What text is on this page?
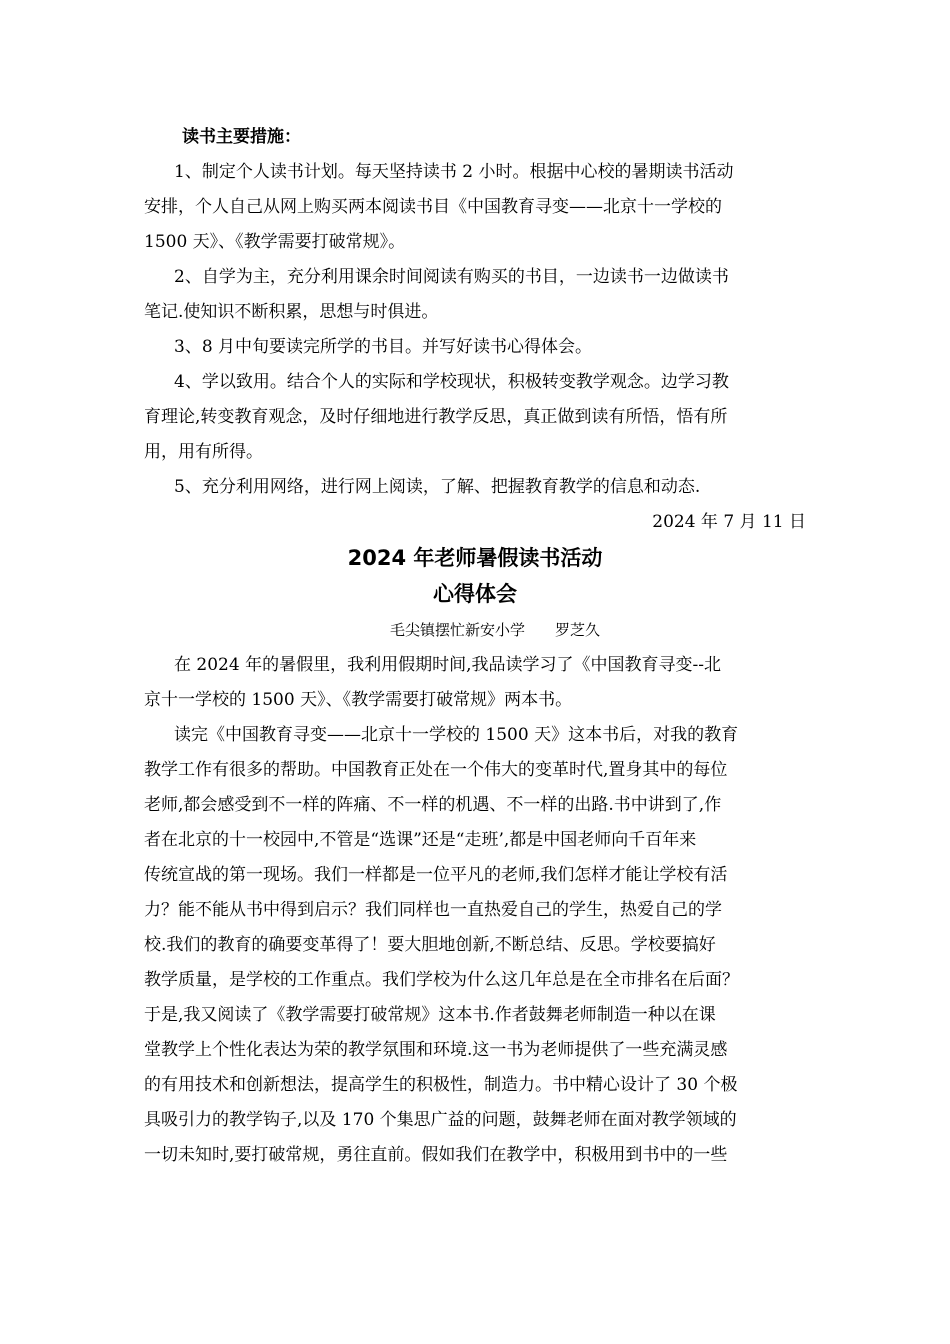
读书主要措施：
1、制定个人读书计划。每天坚持读书 2 小时。根据中心校的暑期读书活动
安排，个人自己从网上购买两本阅读书目《中国教育寻变——北京十一学校的
1500 天》、《教学需要打破常规》。
2、自学为主，充分利用课余时间阅读有购买的书目，一边读书一边做读书
笔记.使知识不断积累，思想与时俱进。
3、8 月中旬要读完所学的书目。并写好读书心得体会。
4、学以致用。结合个人的实际和学校现状，积极转变教学观念。边学习教
育理论,转变教育观念，及时仔细地进行教学反思，真正做到读有所悟，悟有所
用，用有所得。
5、充分利用网络，进行网上阅读，了解、把握教育教学的信息和动态.
2024 年 7 月 11 日
2024 年老师暑假读书活动
心得体会
毛尖镇摆忙新安小学 罗芝久
在 2024 年的暑假里，我利用假期时间,我品读学习了《中国教育寻变--北
京十一学校的 1500 天》、《教学需要打破常规》两本书。
读完《中国教育寻变——北京十一学校的 1500 天》这本书后，对我的教育
教学工作有很多的帮助。中国教育正处在一个伟大的变革时代,置身其中的每位
老师,都会感受到不一样的阵痛、不一样的机遇、不一样的出路.书中讲到了,作
者在北京的十一校园中,不管是“选课”还是“走班’,都是中国老师向千百年来
传统宣战的第一现场。我们一样都是一位平凡的老师,我们怎样才能让学校有活
力？能不能从书中得到启示？我们同样也一直热爱自己的学生，热爱自己的学
校.我们的教育的确要变革得了！要大胆地创新,不断总结、反思。学校要搞好
教学质量，是学校的工作重点。我们学校为什么这几年总是在全市排名在后面？
于是,我又阅读了《教学需要打破常规》这本书.作者鼓舞老师制造一种以在课
堂教学上个性化表达为荣的教学氛围和环境.这一书为老师提供了一些充满灵感
的有用技术和创新想法，提高学生的积极性，制造力。书中精心设计了 30 个极
具吸引力的教学钩子,以及 170 个集思广益的问题，鼓舞老师在面对教学领域的
一切未知时,要打破常规，勇往直前。假如我们在教学中，积极用到书中的一些
